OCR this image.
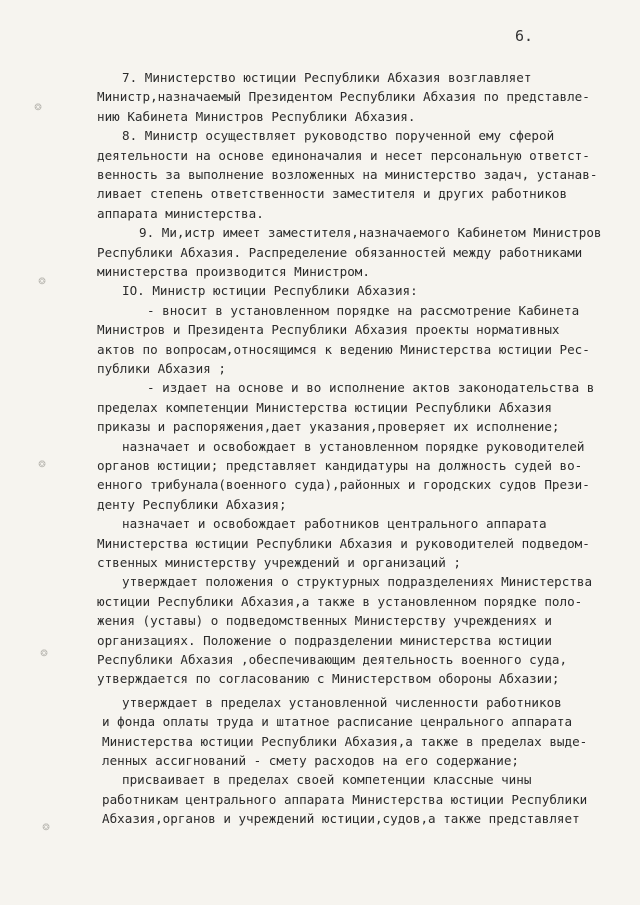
6.
❂
❂
❂
❂
❂
7. Министерство юстиции Республики Абхазия возглавляет
Министр,назначаемый Президентом Республики Абхазия по представле-
нию Кабинета Министров Республики Абхазия.
8. Министр осуществляет руководство порученной ему сферой
деятельности на основе единоначалия и несет персональную ответст-
венность за выполнение возложенных на министерство задач, устанав-
ливает степень ответственности заместителя и других работников
аппарата министерства.
9. Ми,истр имеет заместителя,назначаемого Кабинетом Министров
Республики Абхазия. Распределение обязанностей между работниками
министерства производится Министром.
IO. Министр юстиции Республики Абхазия:
- вносит в установленном порядке на рассмотрение Кабинета
Министров и Президента Республики Абхазия проекты нормативных
актов по вопросам,относящимся к ведению Министерства юстиции Рес-
публики Абхазия ;
- издает на основе и во исполнение актов законодательства в
пределах компетенции Министерства юстиции Республики Абхазия
приказы и распоряжения,дает указания,проверяет их исполнение;
назначает и освобождает в установленном порядке руководителей
органов юстиции; представляет кандидатуры на должность судей во-
енного трибунала(военного суда),районных и городских судов Прези-
денту Республики Абхазия;
назначает и освобождает работников центрального аппарата
Министерства юстиции Республики Абхазия и руководителей подведом-
ственных министерству учреждений и организаций ;
утверждает положения о структурных подразделениях Министерства
юстиции Республики Абхазия,а также в установленном порядке поло-
жения (уставы) о подведомственных Министерству учреждениях и
организациях. Положение о подразделении министерства юстиции
Республики Абхазия ,обеспечивающим деятельность военного суда,
утверждается по согласованию с Министерством обороны Абхазии;
утверждает в пределах установленной численности работников
и фонда оплаты труда и штатное расписание ценрального аппарата
Министерства юстиции Республики Абхазия,а также в пределах выде-
ленных ассигнований - смету расходов на его содержание;
присваивает в пределах своей компетенции классные чины
работникам центрального аппарата Министерства юстиции Республики
Абхазия,органов и учреждений юстиции,судов,а также представляет
